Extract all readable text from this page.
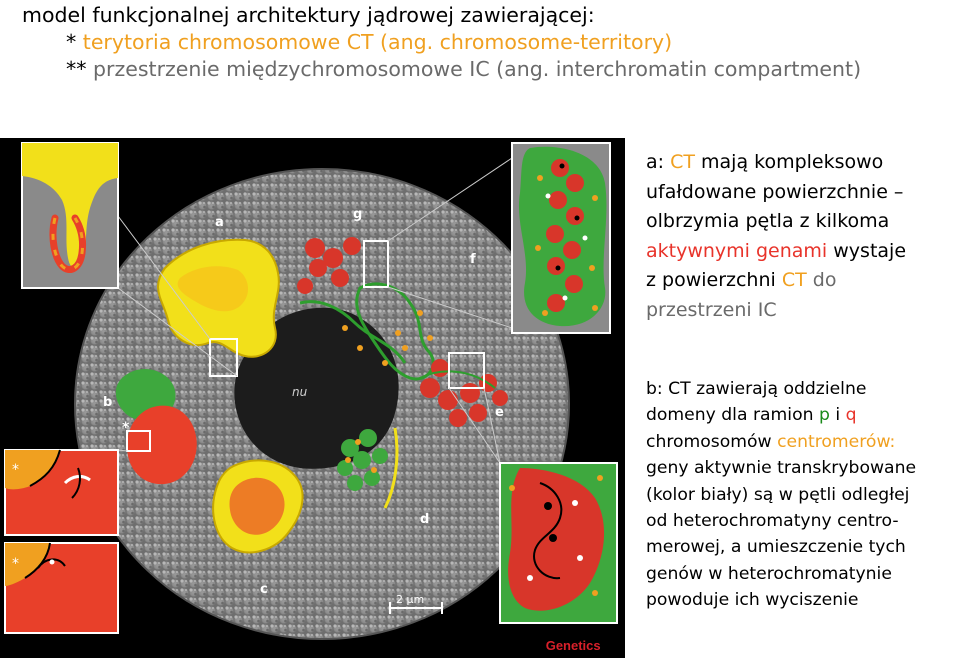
model funkcjonalnej architektury jądrowej zawierającej:
* terytoria chromosomowe CT (ang. chromosome-territory)
** przestrzenie międzychromosomowe IC (ang. interchromatin compartment)
nu
a
g
f
b
e
d
c
2 μm
*
*
*
Nature Reviews | Genetics
a: CT mają kompleksowo
ufałdowane powierzchnie –
olbrzymia pętla z kilkoma
aktywnymi genami wystaje
z powierzchni CT do
przestrzeni IC
b: CT zawierają oddzielne
domeny dla ramion p i q
chromosomów centromerów:
geny aktywnie transkrybowane
(kolor biały) są w pętli odległej
od heterochromatyny centro-
merowej, a umieszczenie tych
genów w heterochromatynie
powoduje ich wyciszenie
